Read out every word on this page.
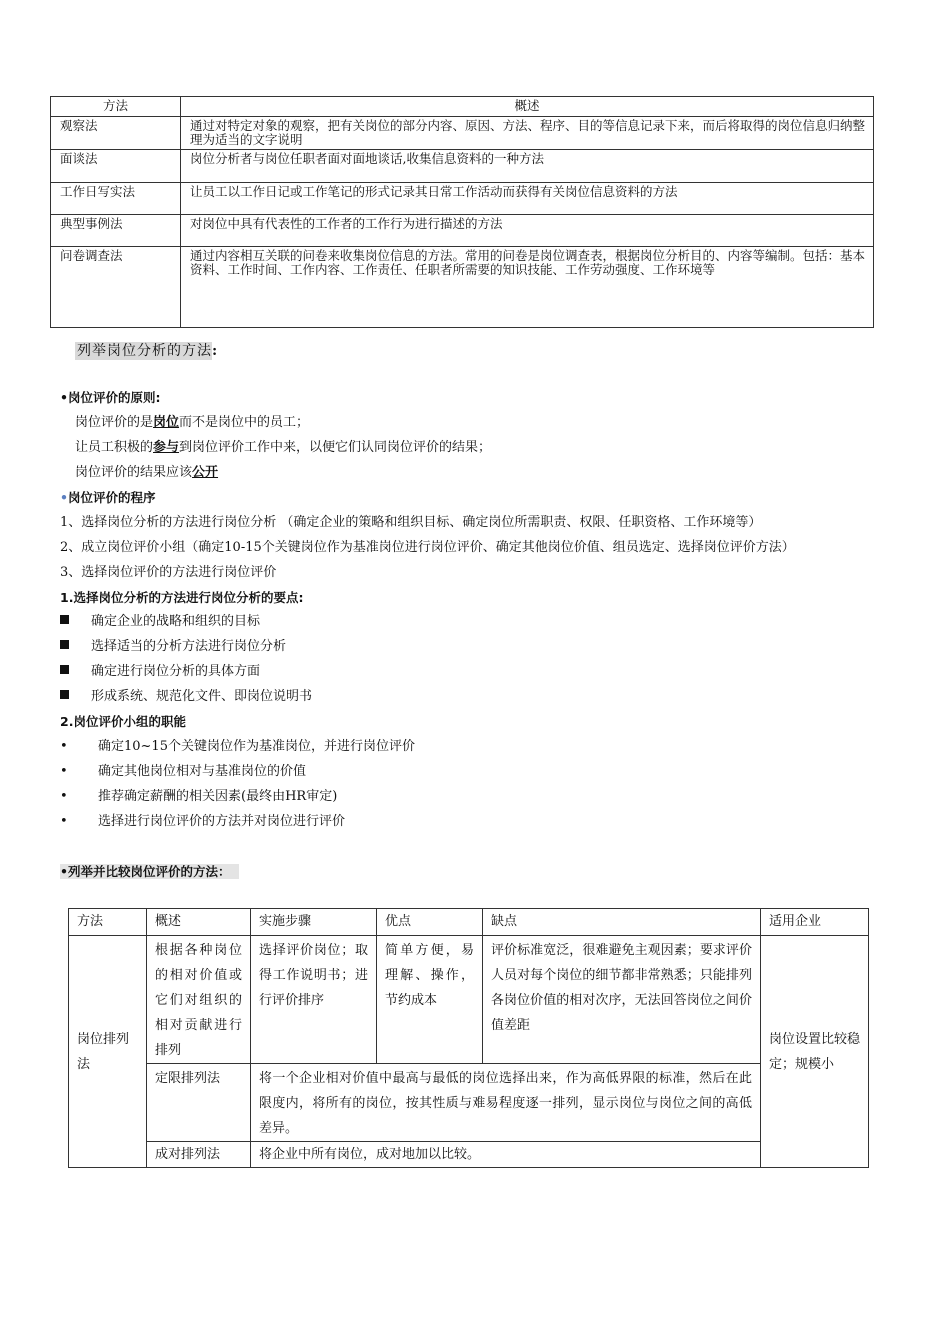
方法	概述
观察法	通过对特定对象的观察，把有关岗位的部分内容、原因、方法、程序、目的等信息记录下来，而后将取得的岗位信息归纳整理为适当的文字说明
面谈法	岗位分析者与岗位任职者面对面地谈话,收集信息资料的一种方法
工作日写实法	让员工以工作日记或工作笔记的形式记录其日常工作活动而获得有关岗位信息资料的方法
典型事例法	对岗位中具有代表性的工作者的工作行为进行描述的方法
问卷调查法	通过内容相互关联的问卷来收集岗位信息的方法。常用的问卷是岗位调查表，根据岗位分析目的、内容等编制。包括：基本资料、工作时间、工作内容、工作责任、任职者所需要的知识技能、工作劳动强度、工作环境等
列举岗位分析的方法:
•岗位评价的原则:
岗位评价的是岗位而不是岗位中的员工；
让员工积极的参与到岗位评价工作中来，以便它们认同岗位评价的结果；
岗位评价的结果应该公开
•岗位评价的程序
1、选择岗位分析的方法进行岗位分析 （确定企业的策略和组织目标、确定岗位所需职责、权限、任职资格、工作环境等）
2、成立岗位评价小组（确定10-15个关键岗位作为基准岗位进行岗位评价、确定其他岗位价值、组员选定、选择岗位评价方法）
3、选择岗位评价的方法进行岗位评价
1.选择岗位分析的方法进行岗位分析的要点:
确定企业的战略和组织的目标
选择适当的分析方法进行岗位分析
确定进行岗位分析的具体方面
形成系统、规范化文件、即岗位说明书
2.岗位评价小组的职能
• 确定10~15个关键岗位作为基准岗位，并进行岗位评价
• 确定其他岗位相对与基准岗位的价值
• 推荐确定薪酬的相关因素(最终由HR审定)
• 选择进行岗位评价的方法并对岗位进行评价
•列举并比较岗位评价的方法：
方法	概述	实施步骤	优点	缺点	适用企业
岗位排列法	根据各种岗位的相对价值或它们对组织的相对贡献进行排列	选择评价岗位；取得工作说明书；进行评价排序	简单方便，易理解、操作，节约成本	评价标准宽泛，很难避免主观因素；要求评价人员对每个岗位的细节都非常熟悉；只能排列各岗位价值的相对次序，无法回答岗位之间价值差距	岗位设置比较稳定；规模小
	定限排列法	将一个企业相对价值中最高与最低的岗位选择出来，作为高低界限的标准，然后在此限度内，将所有的岗位，按其性质与难易程度逐一排列，显示岗位与岗位之间的高低差异。			
	成对排列法	将企业中所有岗位，成对地加以比较。			
